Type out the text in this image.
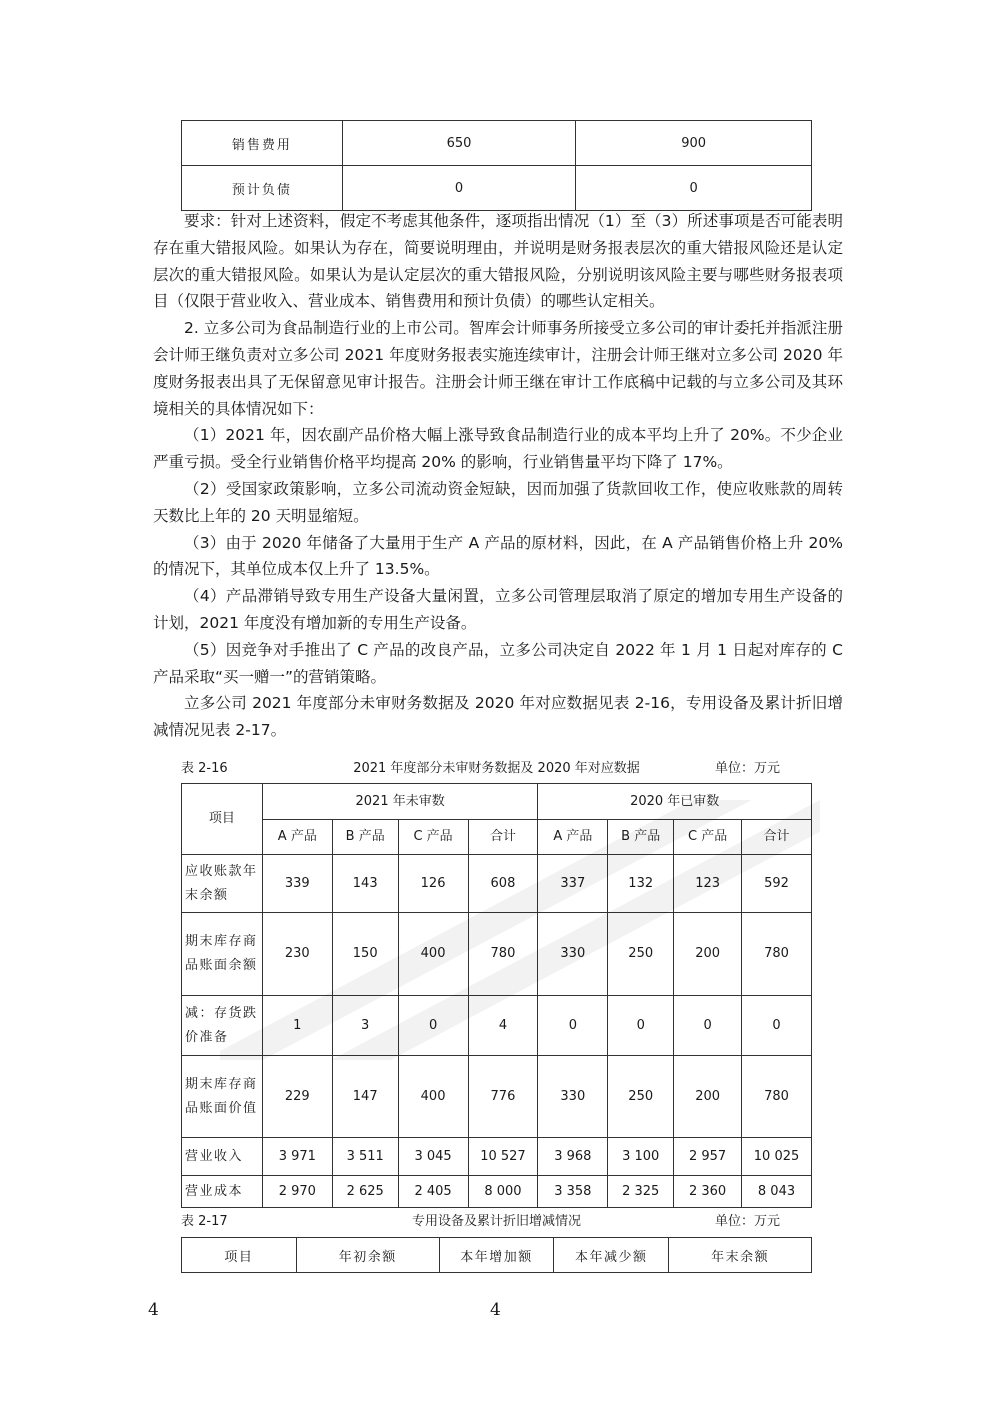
销售费用	650	900
预计负债	0	0

要求：针对上述资料，假定不考虑其他条件，逐项指出情况（1）至（3）所述事项是否可能表明存在重大错报风险。如果认为存在，简要说明理由，并说明是财务报表层次的重大错报风险还是认定层次的重大错报风险。如果认为是认定层次的重大错报风险，分别说明该风险主要与哪些财务报表项目（仅限于营业收入、营业成本、销售费用和预计负债）的哪些认定相关。

2. 立多公司为食品制造行业的上市公司。智库会计师事务所接受立多公司的审计委托并指派注册会计师王继负责对立多公司 2021 年度财务报表实施连续审计，注册会计师王继对立多公司 2020 年度财务报表出具了无保留意见审计报告。注册会计师王继在审计工作底稿中记载的与立多公司及其环境相关的具体情况如下：

（1）2021 年，因农副产品价格大幅上涨导致食品制造行业的成本平均上升了 20%。不少企业严重亏损。受全行业销售价格平均提高 20% 的影响，行业销售量平均下降了 17%。

（2）受国家政策影响，立多公司流动资金短缺，因而加强了货款回收工作，使应收账款的周转天数比上年的 20 天明显缩短。

（3）由于 2020 年储备了大量用于生产 A 产品的原材料，因此，在 A 产品销售价格上升 20% 的情况下，其单位成本仅上升了 13.5%。

（4）产品滞销导致专用生产设备大量闲置，立多公司管理层取消了原定的增加专用生产设备的计划，2021 年度没有增加新的专用生产设备。

（5）因竞争对手推出了 C 产品的改良产品，立多公司决定自 2022 年 1 月 1 日起对库存的 C 产品采取“买一赠一”的营销策略。

立多公司 2021 年度部分未审财务数据及 2020 年对应数据见表 2-16，专用设备及累计折旧增减情况见表 2-17。

表 2-16	2021 年度部分未审财务数据及 2020 年对应数据	单位：万元
项目	2021 年未审数				2020 年已审数			
	A 产品	B 产品	C 产品	合计	A 产品	B 产品	C 产品	合计
应收账款年末余额	339	143	126	608	337	132	123	592
期末库存商品账面余额	230	150	400	780	330	250	200	780
减：存货跌价准备	1	3	0	4	0	0	0	0
期末库存商品账面价值	229	147	400	776	330	250	200	780
营业收入	3 971	3 511	3 045	10 527	3 968	3 100	2 957	10 025
营业成本	2 970	2 625	2 405	8 000	3 358	2 325	2 360	8 043
表 2-17	专用设备及累计折旧增减情况	单位：万元
项目	年初余额	本年增加额	本年减少额	年末余额
4	4
